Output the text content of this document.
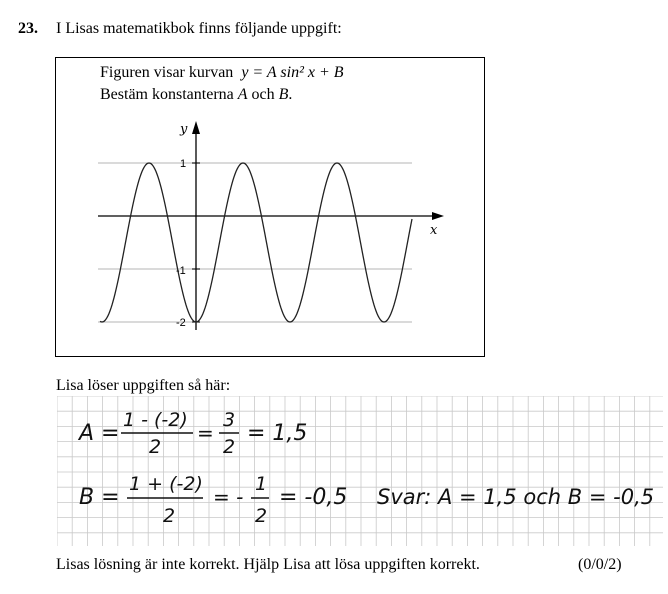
23. I Lisas matematikbok finns följande uppgift:
Figuren visar kurvan y = A sin² x + B
Bestäm konstanterna A och B.
y
x
1
-1
-2
Lisa löser uppgiften så här:
A =
1 - (-2)
2
=
3
2
= 1,5
B =
1 + (-2)
2
= -
1
2
= -0,5 Svar: A = 1,5 och B = -0,5
Lisas lösning är inte korrekt. Hjälp Lisa att lösa uppgiften korrekt.	(0/0/2)
